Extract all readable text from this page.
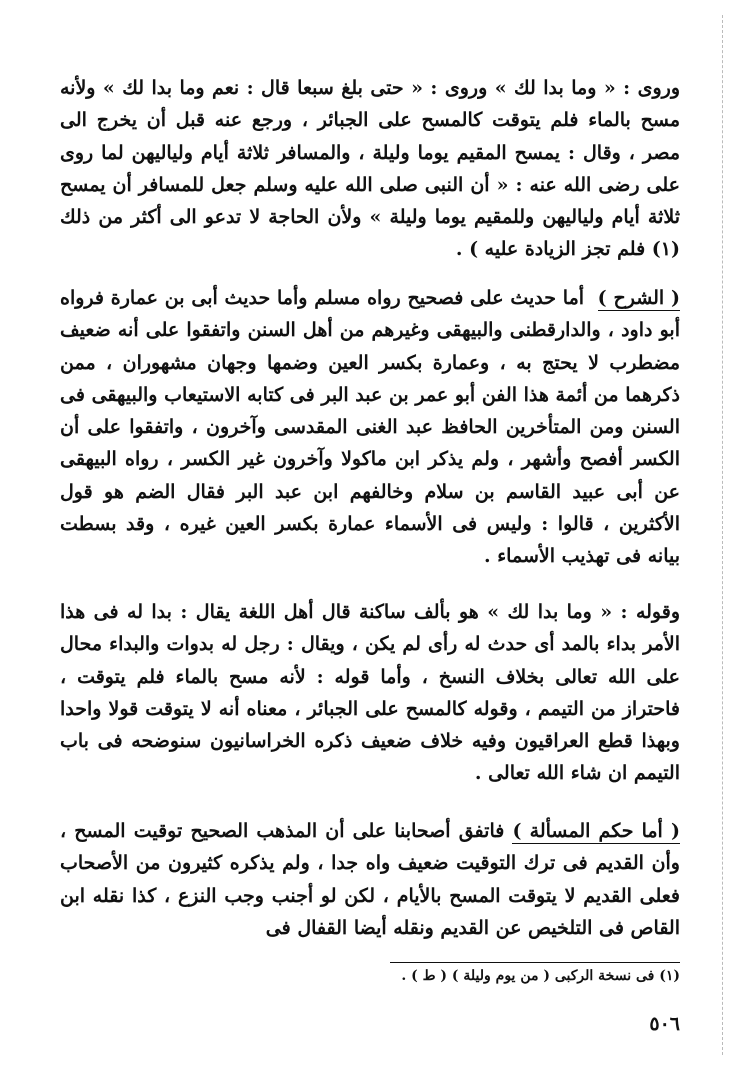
وروى : « وما بدا لك » وروى : « حتى بلغ سبعا قال : نعم وما بدا لك » ولأنه مسح بالماء فلم يتوقت كالمسح على الجبائر ، ورجع عنه قبل أن يخرج الى مصر ، وقال : يمسح المقيم يوما وليلة ، والمسافر ثلاثة أيام ولياليهن لما روى على رضى الله عنه : « أن النبى صلى الله عليه وسلم جعل للمسافر أن يمسح ثلاثة أيام ولياليهن وللمقيم يوما وليلة » ولأن الحاجة لا تدعو الى أكثر من ذلك (١) فلم تجز الزيادة عليه ) .

( الشرح )  أما حديث على فصحيح رواه مسلم وأما حديث أبى بن عمارة فرواه أبو داود ، والدارقطنى والبيهقى وغيرهم من أهل السنن واتفقوا على أنه ضعيف مضطرب لا يحتج به ، وعمارة بكسر العين وضمها وجهان مشهوران ، ممن ذكرهما من أئمة هذا الفن أبو عمر بن عبد البر فى كتابه الاستيعاب والبيهقى فى السنن ومن المتأخرين الحافظ عبد الغنى المقدسى وآخرون ، واتفقوا على أن الكسر أفصح وأشهر ، ولم يذكر ابن ماكولا وآخرون غير الكسر ، رواه البيهقى عن أبى عبيد القاسم بن سلام وخالفهم ابن عبد البر فقال الضم هو قول الأكثرين ، قالوا : وليس فى الأسماء عمارة بكسر العين غيره ، وقد بسطت بيانه فى تهذيب الأسماء .

وقوله : « وما بدا لك » هو بألف ساكنة قال أهل اللغة يقال : بدا له فى هذا الأمر بداء بالمد أى حدث له رأى لم يكن ، ويقال : رجل له بدوات والبداء محال على الله تعالى بخلاف النسخ ، وأما قوله : لأنه مسح بالماء فلم يتوقت ، فاحتراز من التيمم ، وقوله كالمسح على الجبائر ، معناه أنه لا يتوقت قولا واحدا وبهذا قطع العراقيون وفيه خلاف ضعيف ذكره الخراسانيون سنوضحه فى باب التيمم ان شاء الله تعالى .

( أما حكم المسألة ) فاتفق أصحابنا على أن المذهب الصحيح توقيت المسح ، وأن القديم فى ترك التوقيت ضعيف واه جدا ، ولم يذكره كثيرون من الأصحاب فعلى القديم لا يتوقت المسح بالأيام ، لكن لو أجنب وجب النزع ، كذا نقله ابن القاص فى التلخيص عن القديم ونقله أيضا القفال فى

(١) فى نسخة الركبى ( من يوم وليلة ) ( ط ) .
٥٠٦
